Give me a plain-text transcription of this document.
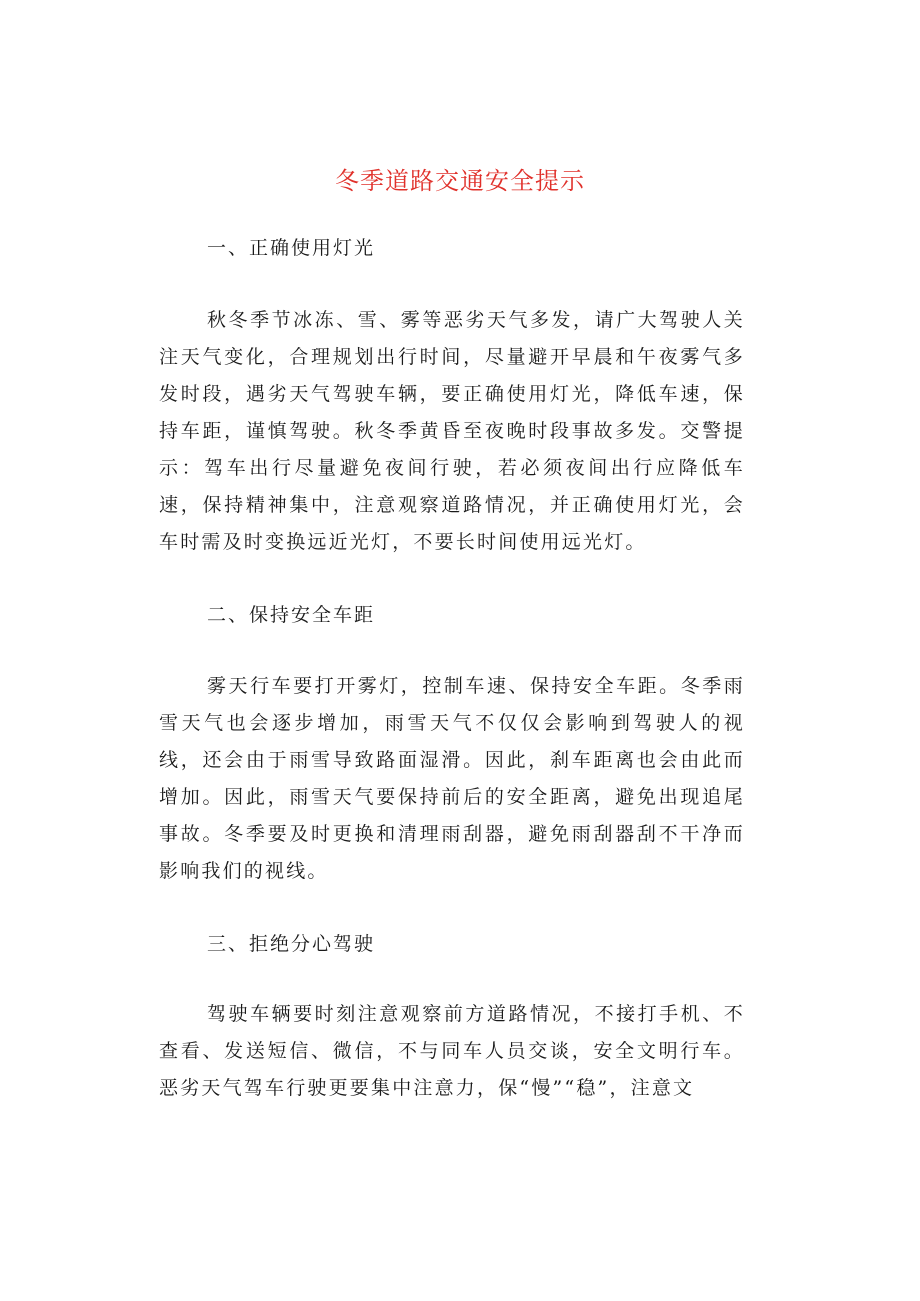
冬季道路交通安全提示
一、正确使用灯光

秋冬季节冰冻、雪、雾等恶劣天气多发，请广大驾驶人关注天气变化，合理规划出行时间，尽量避开早晨和午夜雾气多发时段，遇劣天气驾驶车辆，要正确使用灯光，降低车速，保持车距，谨慎驾驶。秋冬季黄昏至夜晚时段事故多发。交警提示：驾车出行尽量避免夜间行驶，若必须夜间出行应降低车速，保持精神集中，注意观察道路情况，并正确使用灯光，会车时需及时变换远近光灯，不要长时间使用远光灯。

二、保持安全车距

雾天行车要打开雾灯，控制车速、保持安全车距。冬季雨雪天气也会逐步增加，雨雪天气不仅仅会影响到驾驶人的视线，还会由于雨雪导致路面湿滑。因此，刹车距离也会由此而增加。因此，雨雪天气要保持前后的安全距离，避免出现追尾事故。冬季要及时更换和清理雨刮器，避免雨刮器刮不干净而影响我们的视线。

三、拒绝分心驾驶

驾驶车辆要时刻注意观察前方道路情况，不接打手机、不查看、发送短信、微信，不与同车人员交谈，安全文明行车。恶劣天气驾车行驶更要集中注意力，保“慢”“稳”，注意文
